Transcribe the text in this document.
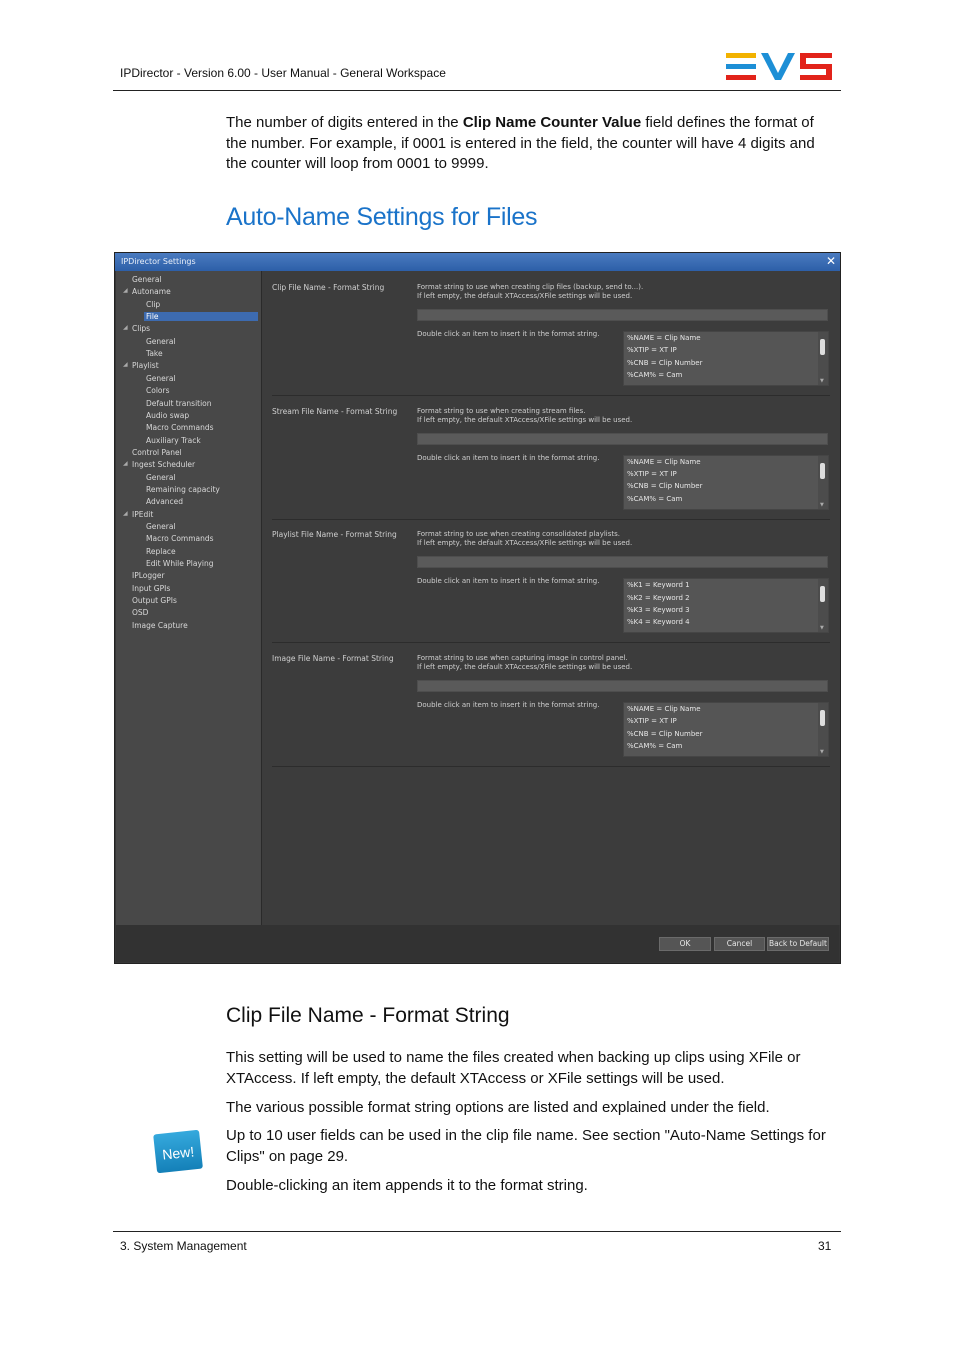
IPDirector - Version 6.00 - User Manual - General Workspace
The number of digits entered in the Clip Name Counter Value field defines the format of the number. For example, if 0001 is entered in the field, the counter will have 4 digits and the counter will loop from 0001 to 9999.
Auto-Name Settings for Files
IPDirector Settings	✕
General
◢ Autoname
Clip
File
◢ Clips
General
Take
◢ Playlist
General
Colors
Default transition
Audio swap
Macro Commands
Auxiliary Track
Control Panel
◢ Ingest Scheduler
General
Remaining capacity
Advanced
◢ IPEdit
General
Macro Commands
Replace
Edit While Playing
IPLogger
Input GPIs
Output GPIs
OSD
Image Capture
Clip File Name - Format String	Format string to use when creating clip files (backup, send to...).
If left empty, the default XTAccess/XFile settings will be used.
Double click an item to insert it in the format string.	%NAME = Clip Name
%XTIP = XT IP
%CNB = Clip Number
%CAM% = Cam
▼
Stream File Name - Format String	Format string to use when creating stream files.
If left empty, the default XTAccess/XFile settings will be used.
Double click an item to insert it in the format string.	%NAME = Clip Name
%XTIP = XT IP
%CNB = Clip Number
%CAM% = Cam
▼
Playlist File Name - Format String	Format string to use when creating consolidated playlists.
If left empty, the default XTAccess/XFile settings will be used.
Double click an item to insert it in the format string.	%K1 = Keyword 1
%K2 = Keyword 2
%K3 = Keyword 3
%K4 = Keyword 4
▼
Image File Name - Format String	Format string to use when capturing image in control panel.
If left empty, the default XTAccess/XFile settings will be used.
Double click an item to insert it in the format string.	%NAME = Clip Name
%XTIP = XT IP
%CNB = Clip Number
%CAM% = Cam
▼
OK	Cancel	Back to Default
Clip File Name - Format String
This setting will be used to name the files created when backing up clips using XFile or XTAccess. If left empty, the default XTAccess or XFile settings will be used.
The various possible format string options are listed and explained under the field.
Up to 10 user fields can be used in the clip file name. See section "Auto-Name Settings for Clips" on page 29.
Double-clicking an item appends it to the format string.
New!
3. System Management	31
